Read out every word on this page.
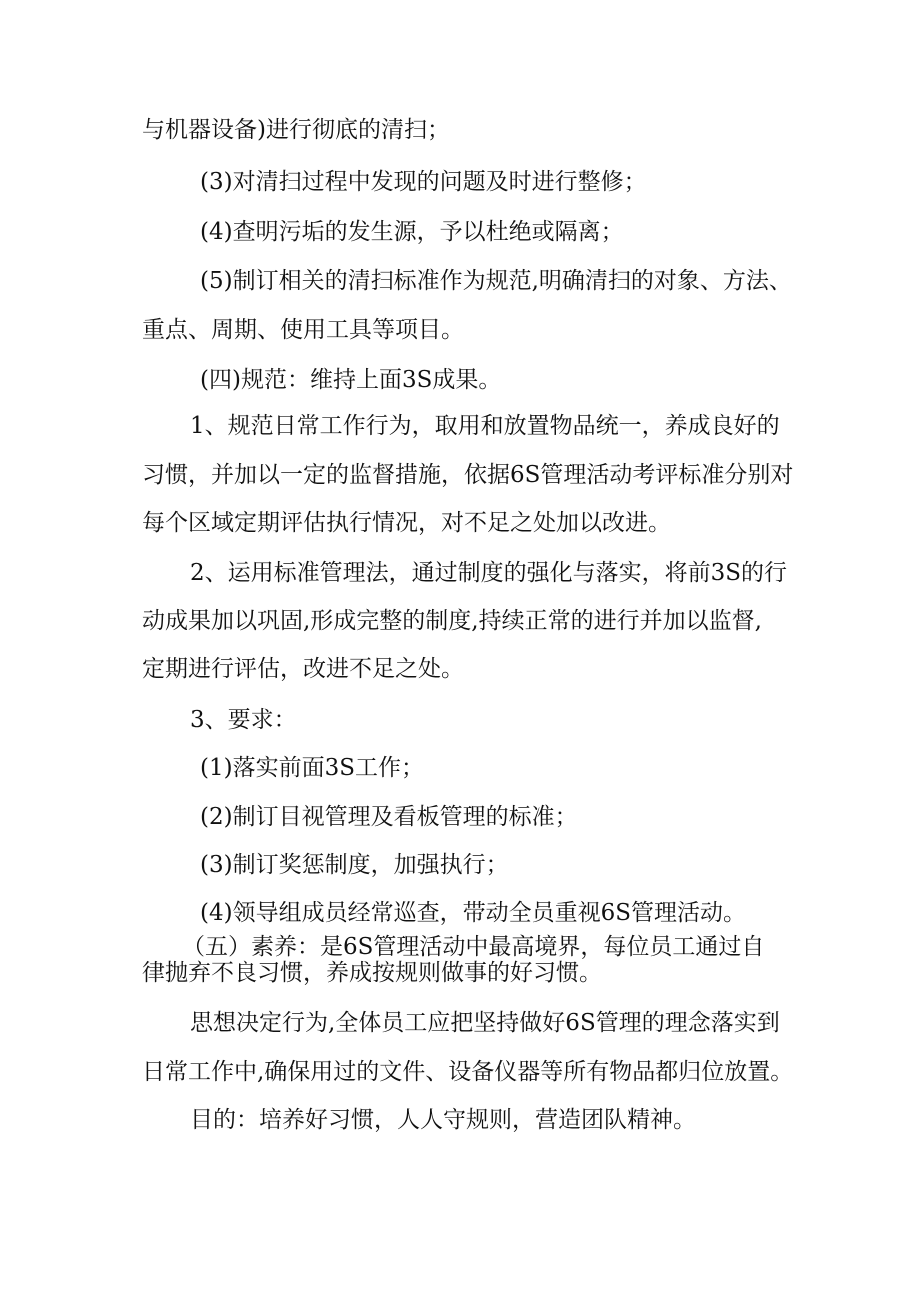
与机器设备)进行彻底的清扫；
(3)对清扫过程中发现的问题及时进行整修；
(4)查明污垢的发生源，予以杜绝或隔离；
(5)制订相关的清扫标准作为规范,明确清扫的对象、方法、
重点、周期、使用工具等项目。
(四)规范：维持上面3S成果。
1、规范日常工作行为，取用和放置物品统一，养成良好的
习惯，并加以一定的监督措施，依据6S管理活动考评标准分别对
每个区域定期评估执行情况，对不足之处加以改进。
2、运用标准管理法，通过制度的强化与落实，将前3S的行
动成果加以巩固,形成完整的制度,持续正常的进行并加以监督,
定期进行评估，改进不足之处。
3、要求：
(1)落实前面3S工作；
(2)制订目视管理及看板管理的标准；
(3)制订奖惩制度，加强执行；
(4)领导组成员经常巡查，带动全员重视6S管理活动。
（五）素养：是6S管理活动中最高境界，每位员工通过自
律抛弃不良习惯，养成按规则做事的好习惯。
思想决定行为,全体员工应把坚持做好6S管理的理念落实到
日常工作中,确保用过的文件、设备仪器等所有物品都归位放置。
目的：培养好习惯，人人守规则，营造团队精神。
